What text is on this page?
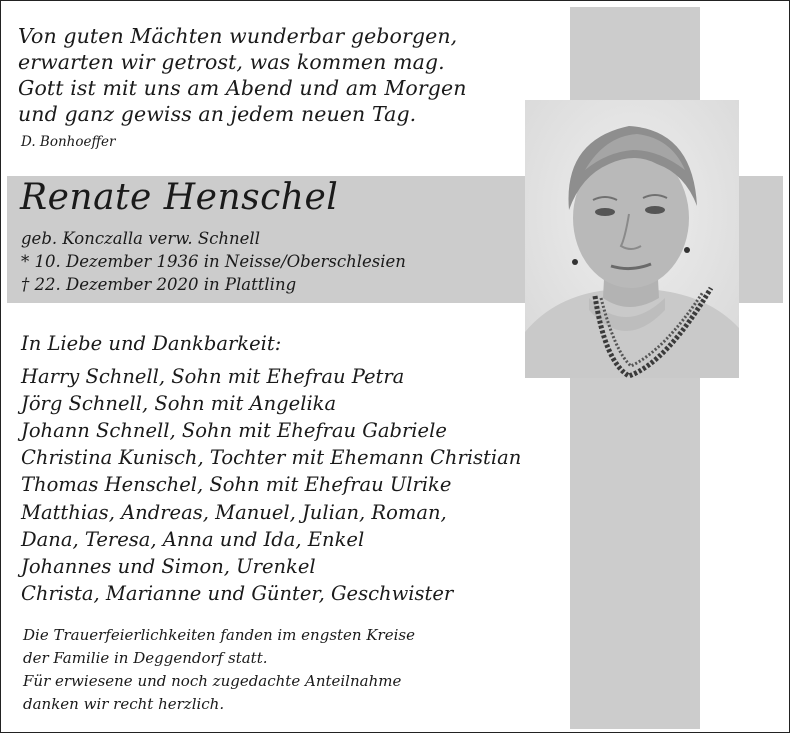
Von guten Mächten wunderbar geborgen,
erwarten wir getrost, was kommen mag.
Gott ist mit uns am Abend und am Morgen
und ganz gewiss an jedem neuen Tag.
D. Bonhoeffer
Renate Henschel
geb. Konczalla verw. Schnell
* 10. Dezember 1936 in Neisse/Oberschlesien
† 22. Dezember 2020 in Plattling
In Liebe und Dankbarkeit:
Harry Schnell, Sohn mit Ehefrau Petra
Jörg Schnell, Sohn mit Angelika
Johann Schnell, Sohn mit Ehefrau Gabriele
Christina Kunisch, Tochter mit Ehemann Christian
Thomas Henschel, Sohn mit Ehefrau Ulrike
Matthias, Andreas, Manuel, Julian, Roman,
Dana, Teresa, Anna und Ida, Enkel
Johannes und Simon, Urenkel
Christa, Marianne und Günter, Geschwister
Die Trauerfeierlichkeiten fanden im engsten Kreise
der Familie in Deggendorf statt.
Für erwiesene und noch zugedachte Anteilnahme
danken wir recht herzlich.
